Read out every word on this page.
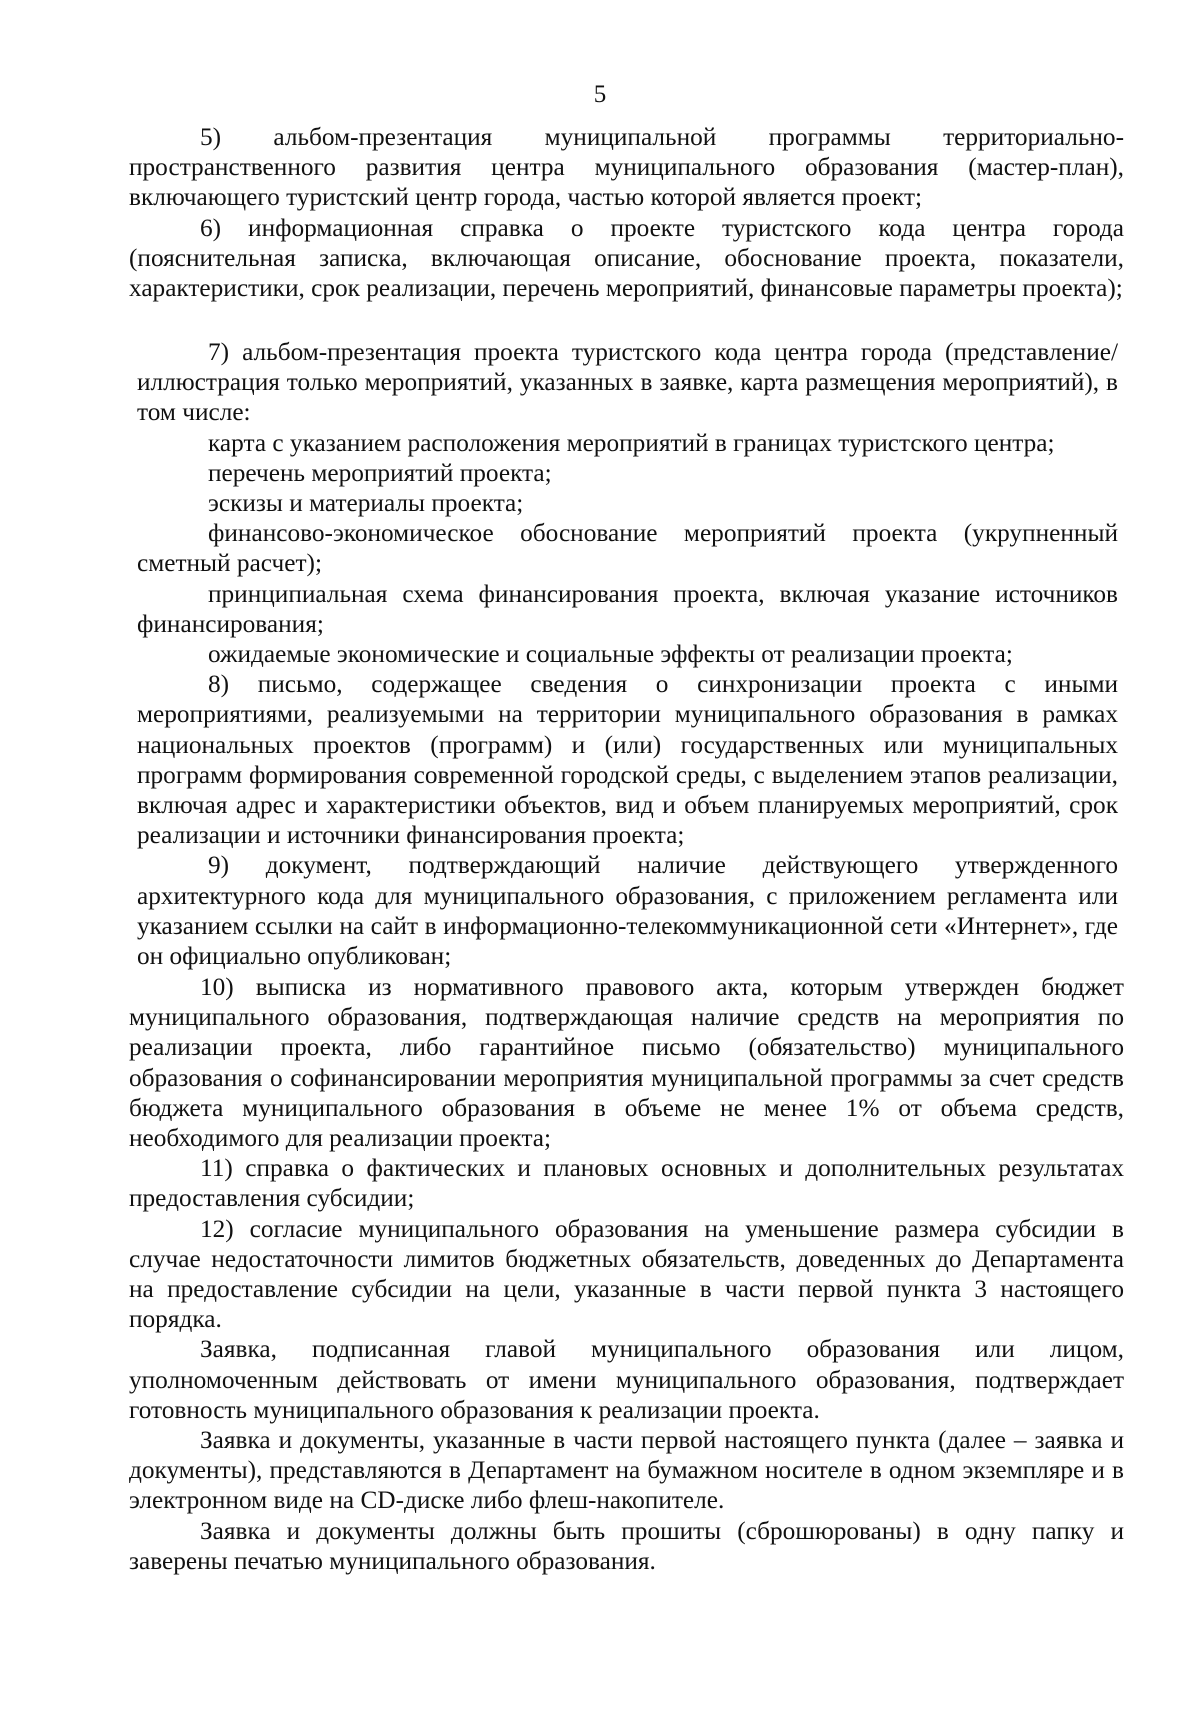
5

5) альбом-презентация муниципальной программы территориально-пространственного развития центра муниципального образования (мастер-план), включающего туристский центр города, частью которой является проект;

6) информационная справка о проекте туристского кода центра города (пояснительная записка, включающая описание, обоснование проекта, показатели, характеристики, срок реализации, перечень мероприятий, финансовые параметры проекта);

7) альбом-презентация проекта туристского кода центра города (представление/иллюстрация только мероприятий, указанных в заявке, карта размещения мероприятий), в том числе:

карта с указанием расположения мероприятий в границах туристского центра;

перечень мероприятий проекта;

эскизы и материалы проекта;

финансово-экономическое обоснование мероприятий проекта (укрупненный сметный расчет);

принципиальная схема финансирования проекта, включая указание источников финансирования;

ожидаемые экономические и социальные эффекты от реализации проекта;

8) письмо, содержащее сведения о синхронизации проекта с иными мероприятиями, реализуемыми на территории муниципального образования в рамках национальных проектов (программ) и (или) государственных или муниципальных программ формирования современной городской среды, с выделением этапов реализации, включая адрес и характеристики объектов, вид и объем планируемых мероприятий, срок реализации и источники финансирования проекта;

9) документ, подтверждающий наличие действующего утвержденного архитектурного кода для муниципального образования, с приложением регламента или указанием ссылки на сайт в информационно-телекоммуникационной сети «Интернет», где он официально опубликован;

10) выписка из нормативного правового акта, которым утвержден бюджет муниципального образования, подтверждающая наличие средств на мероприятия по реализации проекта, либо гарантийное письмо (обязательство) муниципального образования о софинансировании мероприятия муниципальной программы за счет средств бюджета муниципального образования в объеме не менее 1% от объема средств, необходимого для реализации проекта;

11) справка о фактических и плановых основных и дополнительных результатах предоставления субсидии;

12) согласие муниципального образования на уменьшение размера субсидии в случае недостаточности лимитов бюджетных обязательств, доведенных до Департамента на предоставление субсидии на цели, указанные в части первой пункта 3 настоящего порядка.

Заявка, подписанная главой муниципального образования или лицом, уполномоченным действовать от имени муниципального образования, подтверждает готовность муниципального образования к реализации проекта.

Заявка и документы, указанные в части первой настоящего пункта (далее – заявка и документы), представляются в Департамент на бумажном носителе в одном экземпляре и в электронном виде на CD-диске либо флеш-накопителе.

Заявка и документы должны быть прошиты (сброшюрованы) в одну папку и заверены печатью муниципального образования.
